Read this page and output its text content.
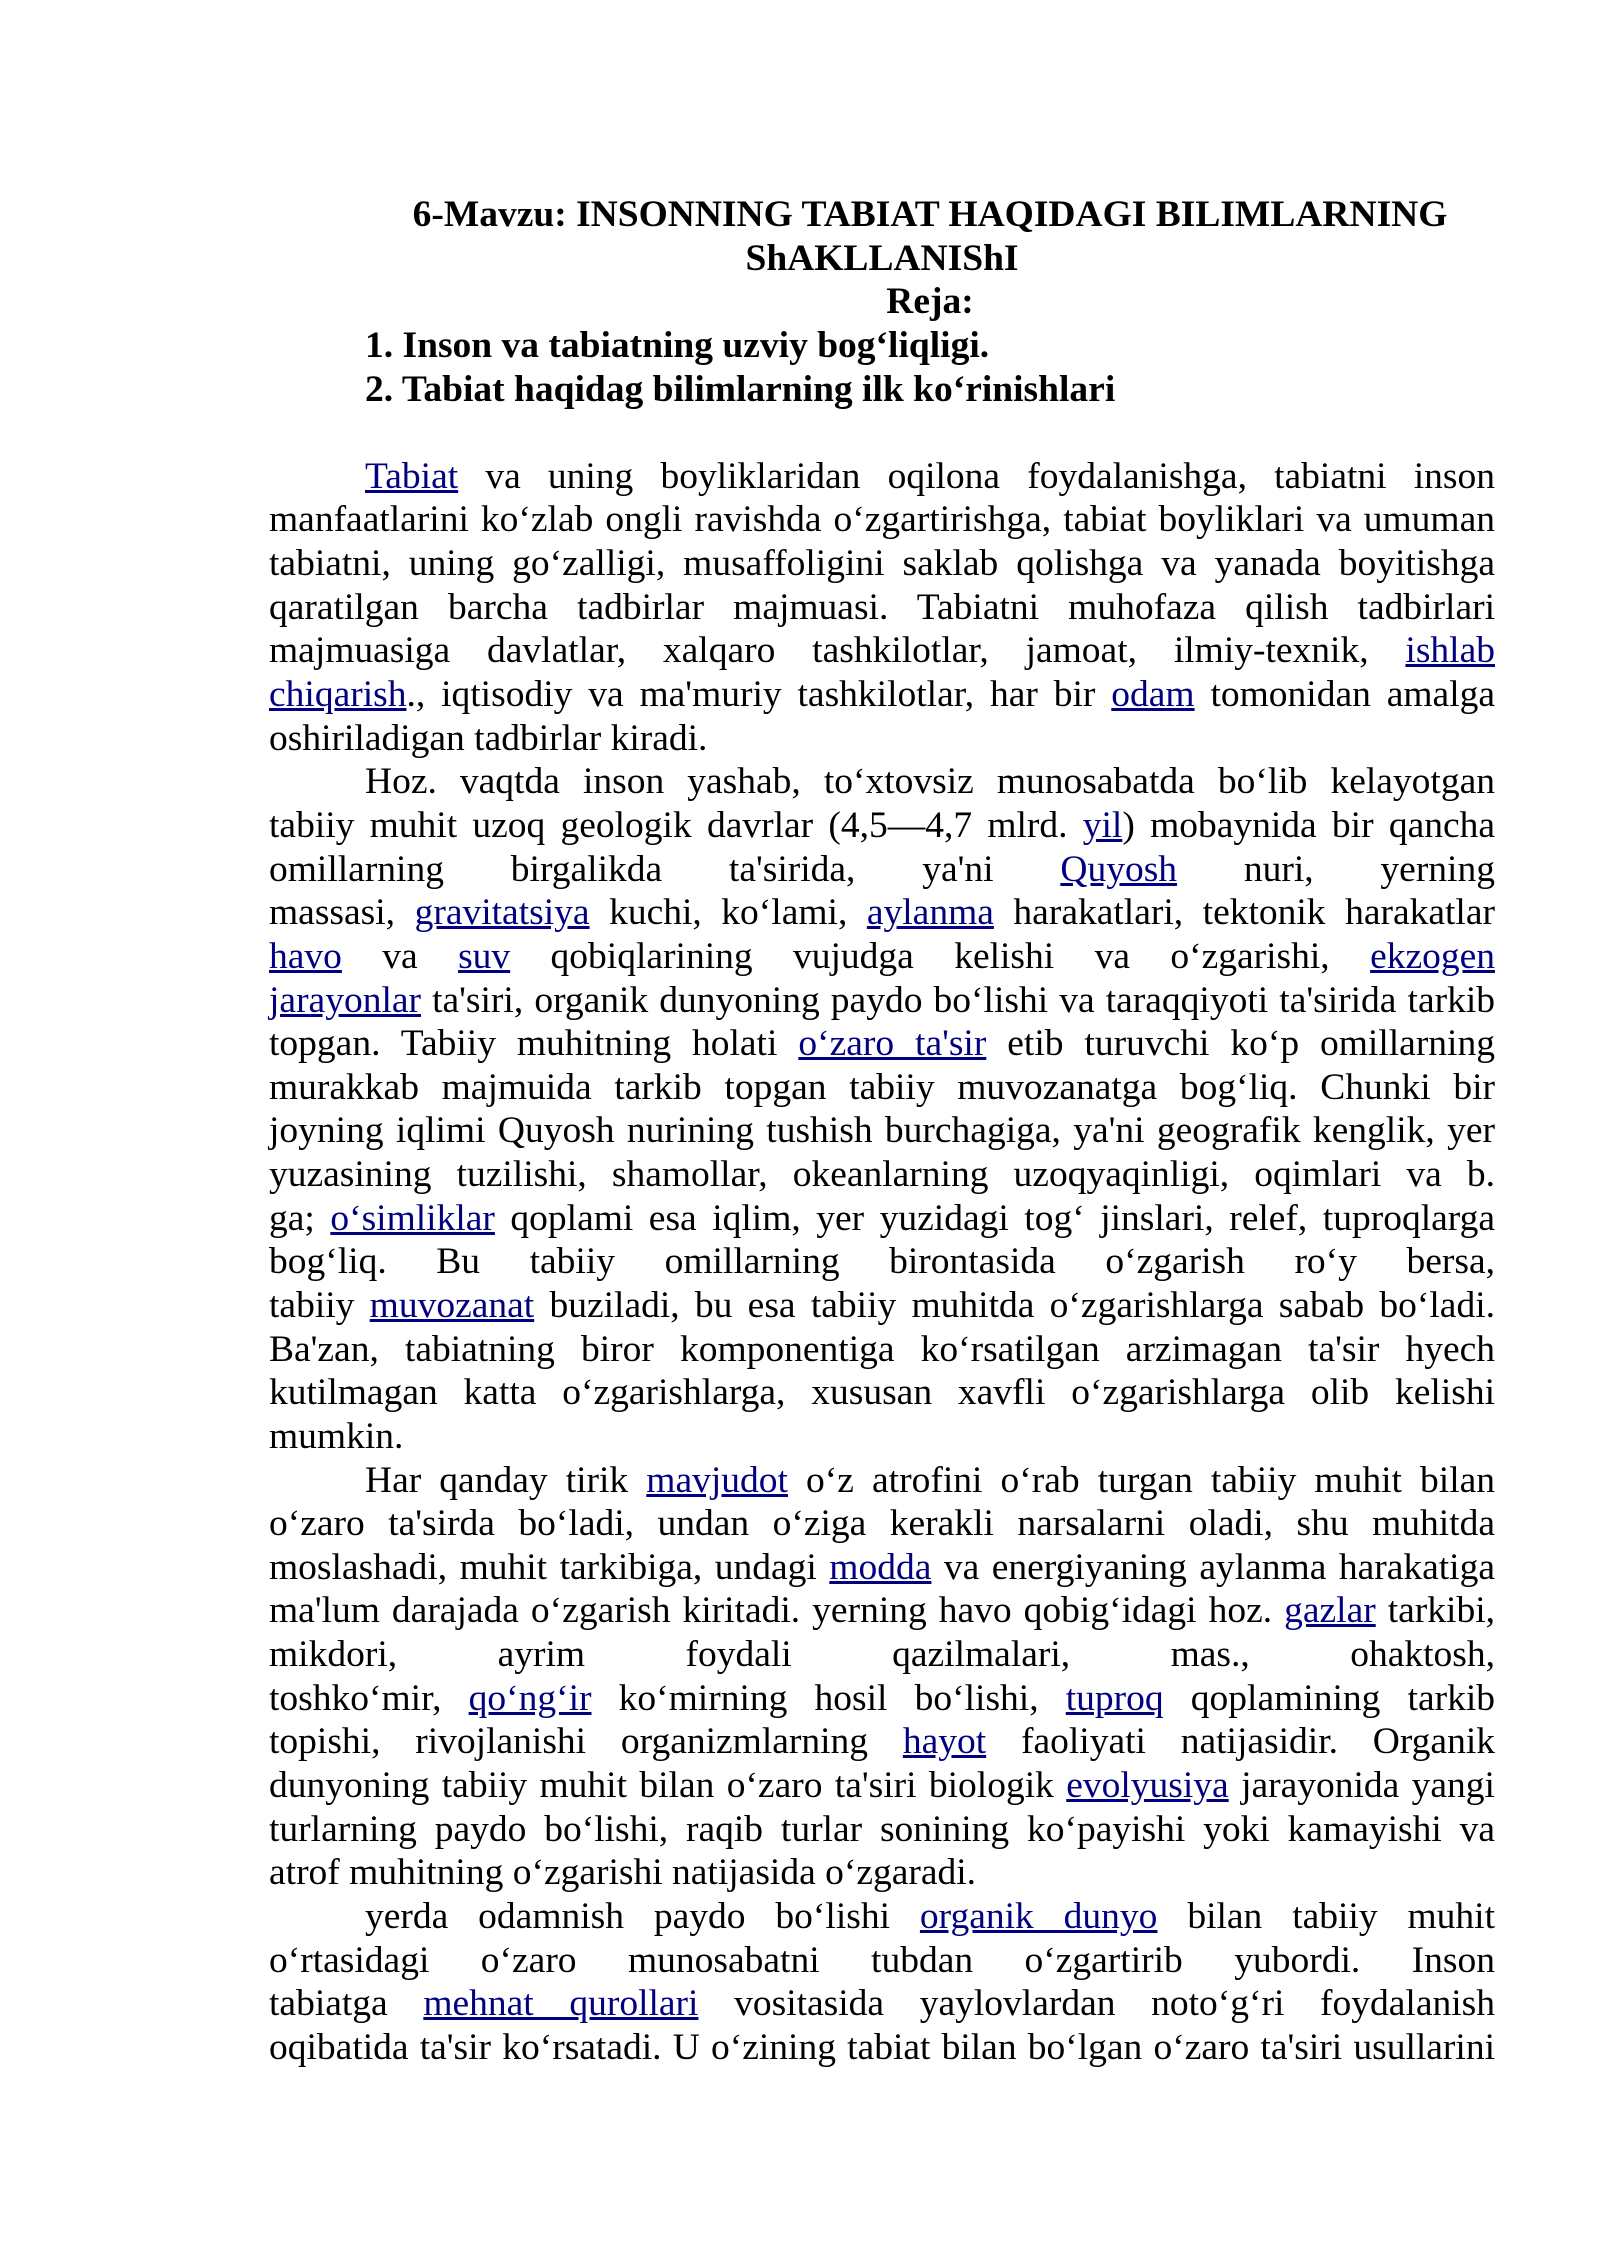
6-Mavzu: INSONNING TABIAT HAQIDAGI BILIMLARNING
ShAKLLANIShI
Reja:
1. Inson va tabiatning uzviy bog‘liqligi.
2. Tabiat haqidag bilimlarning ilk ko‘rinishlari
Tabiat va uning boyliklaridan oqilona foydalanishga, tabiatni inson
manfaatlarini ko‘zlab ongli ravishda o‘zgartirishga, tabiat boyliklari va umuman
tabiatni, uning go‘zalligi, musaffoligini saklab qolishga va yanada boyitishga
qaratilgan barcha tadbirlar majmuasi. Tabiatni muhofaza qilish tadbirlari
majmuasiga davlatlar, xalqaro tashkilotlar, jamoat, ilmiy-texnik, ishlab
chiqarish., iqtisodiy va ma'muriy tashkilotlar, har bir odam tomonidan amalga
oshiriladigan tadbirlar kiradi.
Hoz. vaqtda inson yashab, to‘xtovsiz munosabatda bo‘lib kelayotgan
tabiiy muhit uzoq geologik davrlar (4,5—4,7 mlrd. yil) mobaynida bir qancha
omillarning birgalikda ta'sirida, ya'ni Quyosh nuri, yerning
massasi, gravitatsiya kuchi, ko‘lami, aylanma harakatlari, tektonik harakatlar
havo va suv qobiqlarining vujudga kelishi va o‘zgarishi, ekzogen
jarayonlar ta'siri, organik dunyoning paydo bo‘lishi va taraqqiyoti ta'sirida tarkib
topgan. Tabiiy muhitning holati o‘zaro ta'sir etib turuvchi ko‘p omillarning
murakkab majmuida tarkib topgan tabiiy muvozanatga bog‘liq. Chunki bir
joyning iqlimi Quyosh nurining tushish burchagiga, ya'ni geografik kenglik, yer
yuzasining tuzilishi, shamollar, okeanlarning uzoqyaqinligi, oqimlari va b.
ga; o‘simliklar qoplami esa iqlim, yer yuzidagi tog‘ jinslari, relef, tuproqlarga
bog‘liq. Bu tabiiy omillarning birontasida o‘zgarish ro‘y bersa,
tabiiy muvozanat buziladi, bu esa tabiiy muhitda o‘zgarishlarga sabab bo‘ladi.
Ba'zan, tabiatning biror komponentiga ko‘rsatilgan arzimagan ta'sir hyech
kutilmagan katta o‘zgarishlarga, xususan xavfli o‘zgarishlarga olib kelishi
mumkin.
Har qanday tirik mavjudot o‘z atrofini o‘rab turgan tabiiy muhit bilan
o‘zaro ta'sirda bo‘ladi, undan o‘ziga kerakli narsalarni oladi, shu muhitda
moslashadi, muhit tarkibiga, undagi modda va energiyaning aylanma harakatiga
ma'lum darajada o‘zgarish kiritadi. yerning havo qobig‘idagi hoz. gazlar tarkibi,
mikdori, ayrim foydali qazilmalari, mas., ohaktosh,
toshko‘mir, qo‘ng‘ir ko‘mirning hosil bo‘lishi, tuproq qoplamining tarkib
topishi, rivojlanishi organizmlarning hayot faoliyati natijasidir. Organik
dunyoning tabiiy muhit bilan o‘zaro ta'siri biologik evolyusiya jarayonida yangi
turlarning paydo bo‘lishi, raqib turlar sonining ko‘payishi yoki kamayishi va
atrof muhitning o‘zgarishi natijasida o‘zgaradi.
yerda odamnish paydo bo‘lishi organik dunyo bilan tabiiy muhit
o‘rtasidagi o‘zaro munosabatni tubdan o‘zgartirib yubordi. Inson
tabiatga mehnat qurollari vositasida yaylovlardan noto‘g‘ri foydalanish
oqibatida ta'sir ko‘rsatadi. U o‘zining tabiat bilan bo‘lgan o‘zaro ta'siri usullarini
